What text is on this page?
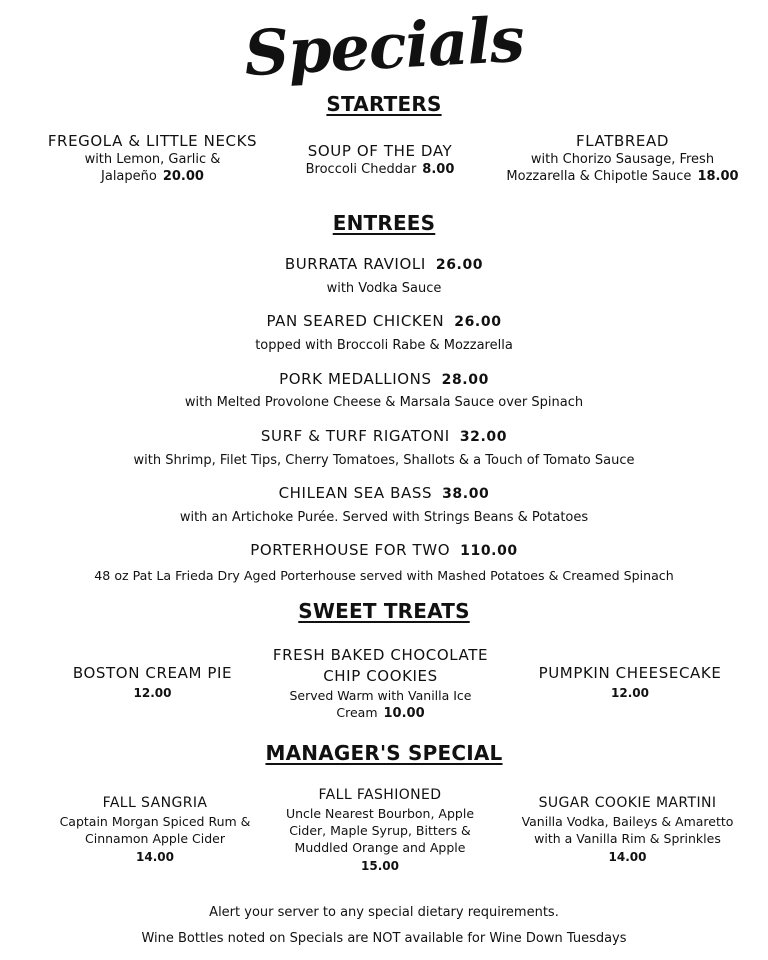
Specials
STARTERS
FREGOLA & LITTLE NECKS
with Lemon, Garlic &
Jalapeño 20.00
SOUP OF THE DAY
Broccoli Cheddar 8.00
FLATBREAD
with Chorizo Sausage, Fresh
Mozzarella & Chipotle Sauce 18.00
ENTREES
BURRATA RAVIOLI 26.00
with Vodka Sauce
PAN SEARED CHICKEN 26.00
topped with Broccoli Rabe & Mozzarella
PORK MEDALLIONS 28.00
with Melted Provolone Cheese & Marsala Sauce over Spinach
SURF & TURF RIGATONI 32.00
with Shrimp, Filet Tips, Cherry Tomatoes, Shallots & a Touch of Tomato Sauce
CHILEAN SEA BASS 38.00
with an Artichoke Purée. Served with Strings Beans & Potatoes
PORTERHOUSE FOR TWO 110.00
48 oz Pat La Frieda Dry Aged Porterhouse served with Mashed Potatoes & Creamed Spinach
SWEET TREATS
BOSTON CREAM PIE
12.00
FRESH BAKED CHOCOLATE
CHIP COOKIES
Served Warm with Vanilla Ice
Cream 10.00
PUMPKIN CHEESECAKE
12.00
MANAGER'S SPECIAL
FALL SANGRIA
Captain Morgan Spiced Rum &
Cinnamon Apple Cider
14.00
FALL FASHIONED
Uncle Nearest Bourbon, Apple
Cider, Maple Syrup, Bitters &
Muddled Orange and Apple
15.00
SUGAR COOKIE MARTINI
Vanilla Vodka, Baileys & Amaretto
with a Vanilla Rim & Sprinkles
14.00
Alert your server to any special dietary requirements.
Wine Bottles noted on Specials are NOT available for Wine Down Tuesdays
